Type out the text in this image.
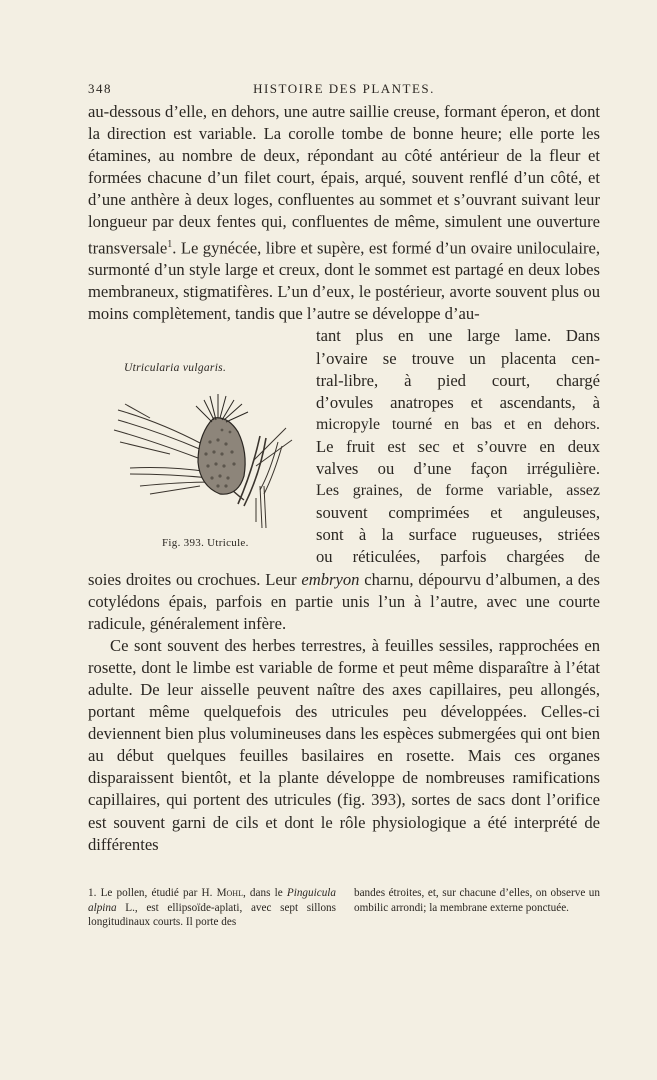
348	HISTOIRE DES PLANTES.

au-dessous d’elle, en dehors, une autre saillie creuse, formant éperon, et dont la direction est variable. La corolle tombe de bonne heure; elle porte les étamines, au nombre de deux, répondant au côté antérieur de la fleur et formées chacune d’un filet court, épais, arqué, souvent renflé d’un côté, et d’une anthère à deux loges, confluentes au sommet et s’ouvrant suivant leur longueur par deux fentes qui, confluentes de même, simulent une ouverture transversale$^1$. Le gynécée, libre et supère, est formé d’un ovaire uniloculaire, surmonté d’un style large et creux, dont le sommet est partagé en deux lobes membraneux, stigmatifères. L’un d’eux, le postérieur, avorte souvent plus ou moins complètement, tandis que l’autre se développe d’au-

tant plus en une large lame. Dans
l’ovaire se trouve un placenta cen-
tral-libre, à pied court, chargé
d’ovules anatropes et ascendants, à
micropyle tourné en bas et en dehors.
Le fruit est sec et s’ouvre en deux
valves ou d’une façon irrégulière.
Les graines, de forme variable, assez
souvent comprimées et anguleuses,
sont à la surface rugueuses, striées
ou réticulées, parfois chargées de

soies droites ou crochues. Leur embryon charnu, dépourvu d’albumen, a des cotylédons épais, parfois en partie unis l’un à l’autre, avec une courte radicule, généralement infère.

Ce sont souvent des herbes terrestres, à feuilles sessiles, rapprochées en rosette, dont le limbe est variable de forme et peut même disparaître à l’état adulte. De leur aisselle peuvent naître des axes capillaires, peu allongés, portant même quelquefois des utricules peu développées. Celles-ci deviennent bien plus volumineuses dans les espèces submergées qui ont bien au début quelques feuilles basilaires en rosette. Mais ces organes disparaissent bientôt, et la plante développe de nombreuses ramifications capillaires, qui portent des utricules (fig. 393), sortes de sacs dont l’orifice est souvent garni de cils et dont le rôle physiologique a été interprété de différentes

Utricularia vulgaris.
Fig. 393. Utricule.
1. Le pollen, étudié par H. Mohl, dans le Pinguicula alpina L., est ellipsoïde-aplati, avec sept sillons longitudinaux courts. Il porte des
bandes étroites, et, sur chacune d’elles, on observe un ombilic arrondi; la membrane externe ponctuée.
